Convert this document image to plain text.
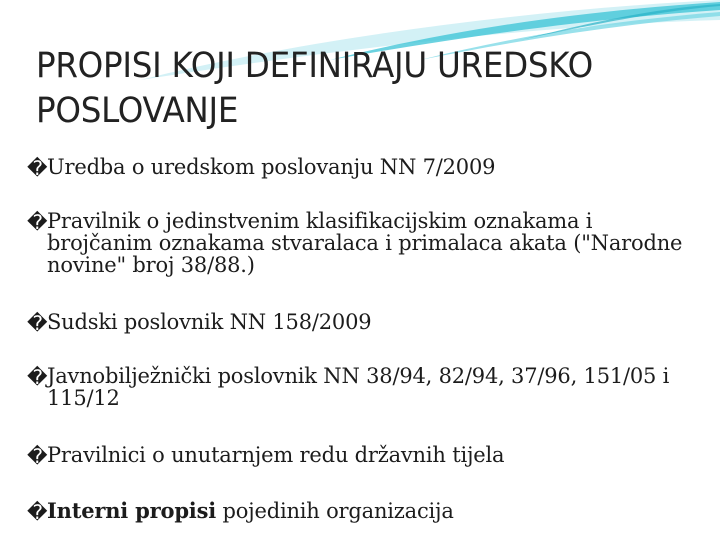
PROPISI KOJI DEFINIRAJU UREDSKO POSLOVANJE
� Uredba o uredskom poslovanju NN 7/2009
� Pravilnik o jedinstvenim klasifikacijskim oznakama i brojčanim oznakama stvaralaca i primalaca akata ("Narodne novine" broj 38/88.)
� Sudski poslovnik NN 158/2009
� Javnobilježnički poslovnik NN 38/94, 82/94, 37/96, 151/05 i 115/12
� Pravilnici o unutarnjem redu državnih tijela
� Interni propisi pojedinih organizacija
